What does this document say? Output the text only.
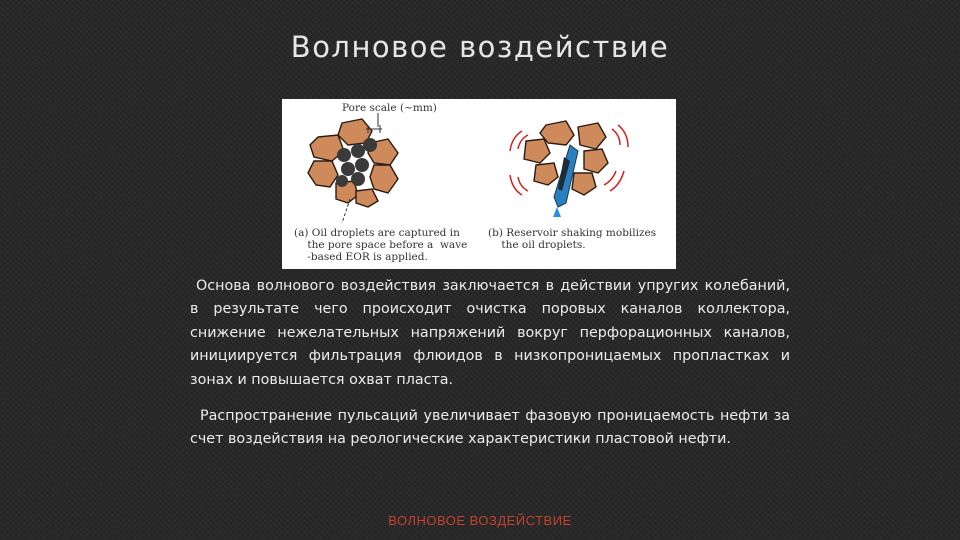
Волновое воздействие
Pore scale (~mm)
(a) Oil droplets are captured in
the pore space before a  wave
-based EOR is applied.
(b) Reservoir shaking mobilizes
the oil droplets.
Основа волнового воздействия заключается в действии упругих колебаний, в результате чего происходит очистка поровых каналов коллектора, снижение нежелательных напряжений вокруг перфорационных каналов, инициируется фильтрация флюидов в низкопроницаемых пропластках и зонах и повышается охват пласта.
Распространение пульсаций увеличивает фазовую проницаемость нефти за счет воздействия на реологические характеристики пластовой нефти.
ВОЛНОВОЕ ВОЗДЕЙСТВИЕ
